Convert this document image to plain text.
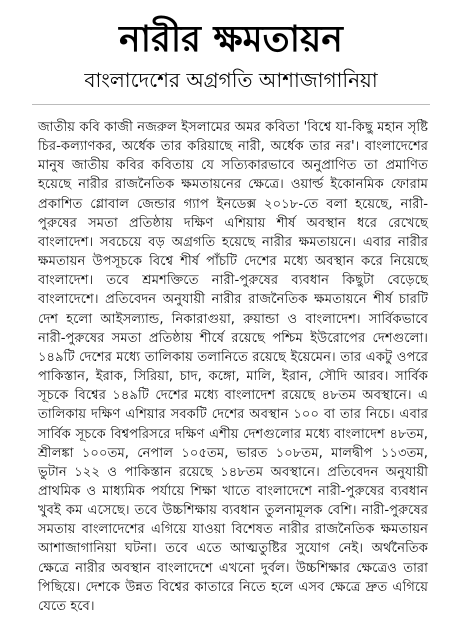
নারীর ক্ষমতায়ন
বাংলাদেশের অগ্রগতি আশাজাগানিয়া

জাতীয় কবি কাজী নজরুল ইসলামের অমর কবিতা 'বিশ্বে যা-কিছু মহান সৃষ্টি চির-কল্যাণকর, অর্ধেক তার করিয়াছে নারী, অর্ধেক তার নর'। বাংলাদেশের মানুষ জাতীয় কবির কবিতায় যে সত্যিকারভাবে অনুপ্রাণিত তা প্রমাণিত হয়েছে নারীর রাজনৈতিক ক্ষমতায়নের ক্ষেত্রে। ওয়ার্ল্ড ইকোনমিক ফোরাম প্রকাশিত গ্লোবাল জেন্ডার গ্যাপ ইনডেক্স ২০১৮-তে বলা হয়েছে, নারী-পুরুষের সমতা প্রতিষ্ঠায় দক্ষিণ এশিয়ায় শীর্ষ অবস্থান ধরে রেখেছে বাংলাদেশ। সবচেয়ে বড় অগ্রগতি হয়েছে নারীর ক্ষমতায়নে। এবার নারীর ক্ষমতায়ন উপসূচকে বিশ্বে শীর্ষ পাঁচটি দেশের মধ্যে অবস্থান করে নিয়েছে বাংলাদেশ। তবে শ্রমশক্তিতে নারী-পুরুষের ব্যবধান কিছুটা বেড়েছে বাংলাদেশে। প্রতিবেদন অনুযায়ী নারীর রাজনৈতিক ক্ষমতায়নে শীর্ষ চারটি দেশ হলো আইসল্যান্ড, নিকারাগুয়া, রুয়ান্ডা ও বাংলাদেশ। সার্বিকভাবে নারী-পুরুষের সমতা প্রতিষ্ঠায় শীর্ষে রয়েছে পশ্চিম ইউরোপের দেশগুলো। ১৪৯টি দেশের মধ্যে তালিকায় তলানিতে রয়েছে ইয়েমেন। তার একটু ওপরে পাকিস্তান, ইরাক, সিরিয়া, চাদ, কঙ্গো, মালি, ইরান, সৌদি আরব। সার্বিক সূচকে বিশ্বের ১৪৯টি দেশের মধ্যে বাংলাদেশ রয়েছে ৪৮তম অবস্থানে। এ তালিকায় দক্ষিণ এশিয়ার সবকটি দেশের অবস্থান ১০০ বা তার নিচে। এবার সার্বিক সূচকে বিশ্বপরিসরে দক্ষিণ এশীয় দেশগুলোর মধ্যে বাংলাদেশ ৪৮তম, শ্রীলঙ্কা ১০০তম, নেপাল ১০৫তম, ভারত ১০৮তম, মালদ্বীপ ১১৩তম, ভুটান ১২২ ও পাকিস্তান রয়েছে ১৪৮তম অবস্থানে। প্রতিবেদন অনুযায়ী প্রাথমিক ও মাধ্যমিক পর্যায়ে শিক্ষা খাতে বাংলাদেশে নারী-পুরুষের ব্যবধান খুবই কম এসেছে। তবে উচ্চশিক্ষায় ব্যবধান তুলনামূলক বেশি। নারী-পুরুষের সমতায় বাংলাদেশের এগিয়ে যাওয়া বিশেষত নারীর রাজনৈতিক ক্ষমতায়ন আশাজাগানিয়া ঘটনা। তবে এতে আত্মতুষ্টির সুযোগ নেই। অর্থনৈতিক ক্ষেত্রে নারীর অবস্থান বাংলাদেশে এখনো দুর্বল। উচ্চশিক্ষার ক্ষেত্রেও তারা পিছিয়ে। দেশকে উন্নত বিশ্বের কাতারে নিতে হলে এসব ক্ষেত্রে দ্রুত এগিয়ে যেতে হবে।
